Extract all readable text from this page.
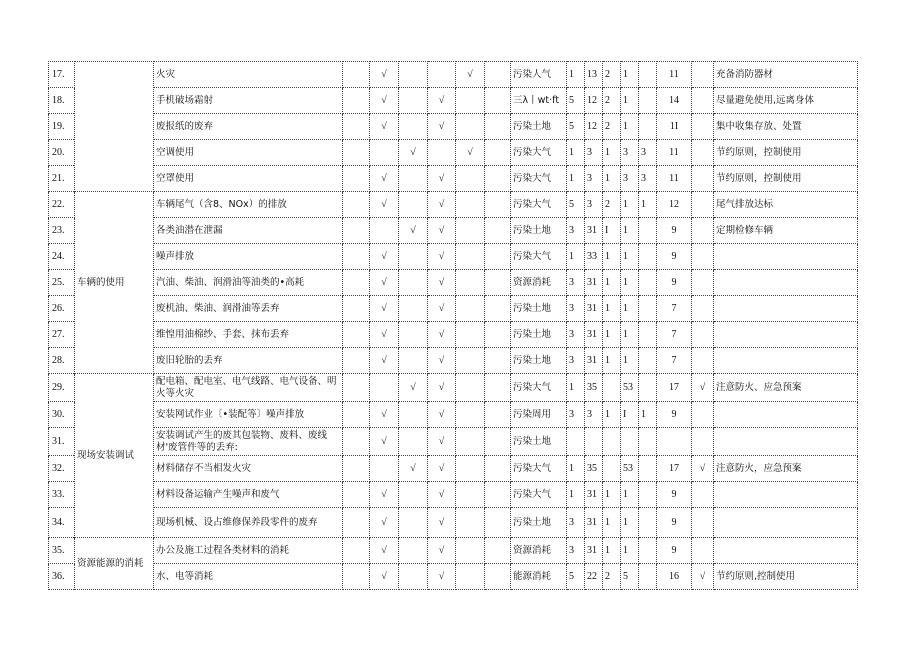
17.		火灾		√			√		污染人气	1	13	2	1		11		充备消防器材
18.		手机破场霜射		√		√			三λ丨wt·ft	5	12	2	1		14		尽量避免使用,远离身体
19.		废报纸的废弃		√		√			污染土地	5	12	2	1		1I		集中收集存放、处置
20.		空调使用			√		√		污染大气	1	3	1	3	3	11		节约原则，控制使用
21.		空罩使用		√		√			污染大气	1	3	1	3	3	11		节约原则，控制使用
22.	车辆的使用	车辆尾气（含8、NOx）的排放		√		√			污染大气	5	3	2	1	1	12		尾气排放达标
23.		各类油潜在泄漏			√	√			污染土地	3	31	I	1		9		定期检修车辆
24.		噪声排放		√		√			污染大气	1	33	1	1		9		
25.		汽油、柴油、润滑油等油类的•高耗		√		√			资源消耗	3	31	1	1		9		
26.		废机油、柴油、润滑油等丢弃		√		√			污染土地	3	31	1	1		7		
27.		维惶用油棉纱、手套、抹布丢弃		√		√			污染土地	3	31	1	1		7		
28.		废旧轮胎的丢弃		√		√			污染土地	3	31	1	1		7		
29.	现场安装调试	配电箱、配电室、电气线路、电气设备、明火等火灾			√	√			污染大气	1	35		53		17	√	注意防火、应急预案
30.		安装网试作业〔•装配等〕噪声排放		√		√			污染周用	3	3	1	I	1	9		
31.		安装调试产生的废其包装物、废料、废线材'废管件等的丢弃:		√		√			污染土地								
32.		材料储存不当相发火灾			√	√			污染大气	1	35		53		17	√	注意防火，应急预案
33.		材料设备运输产生噪声和废气		√		√			污染大气	1	31	1	1		9		
34.		现场机械、设占维修保养段零件的废弃		√		√			污染土地	3	31	1	1		9		
35.	资源能源的消耗	办公及施工过程各类材料的消耗		√		√			资源消耗	3	31	1	1		9		
36.		水、电等消耗		√		√			能源消耗	5	22	2	5		16	√	节约原则,控制使用
